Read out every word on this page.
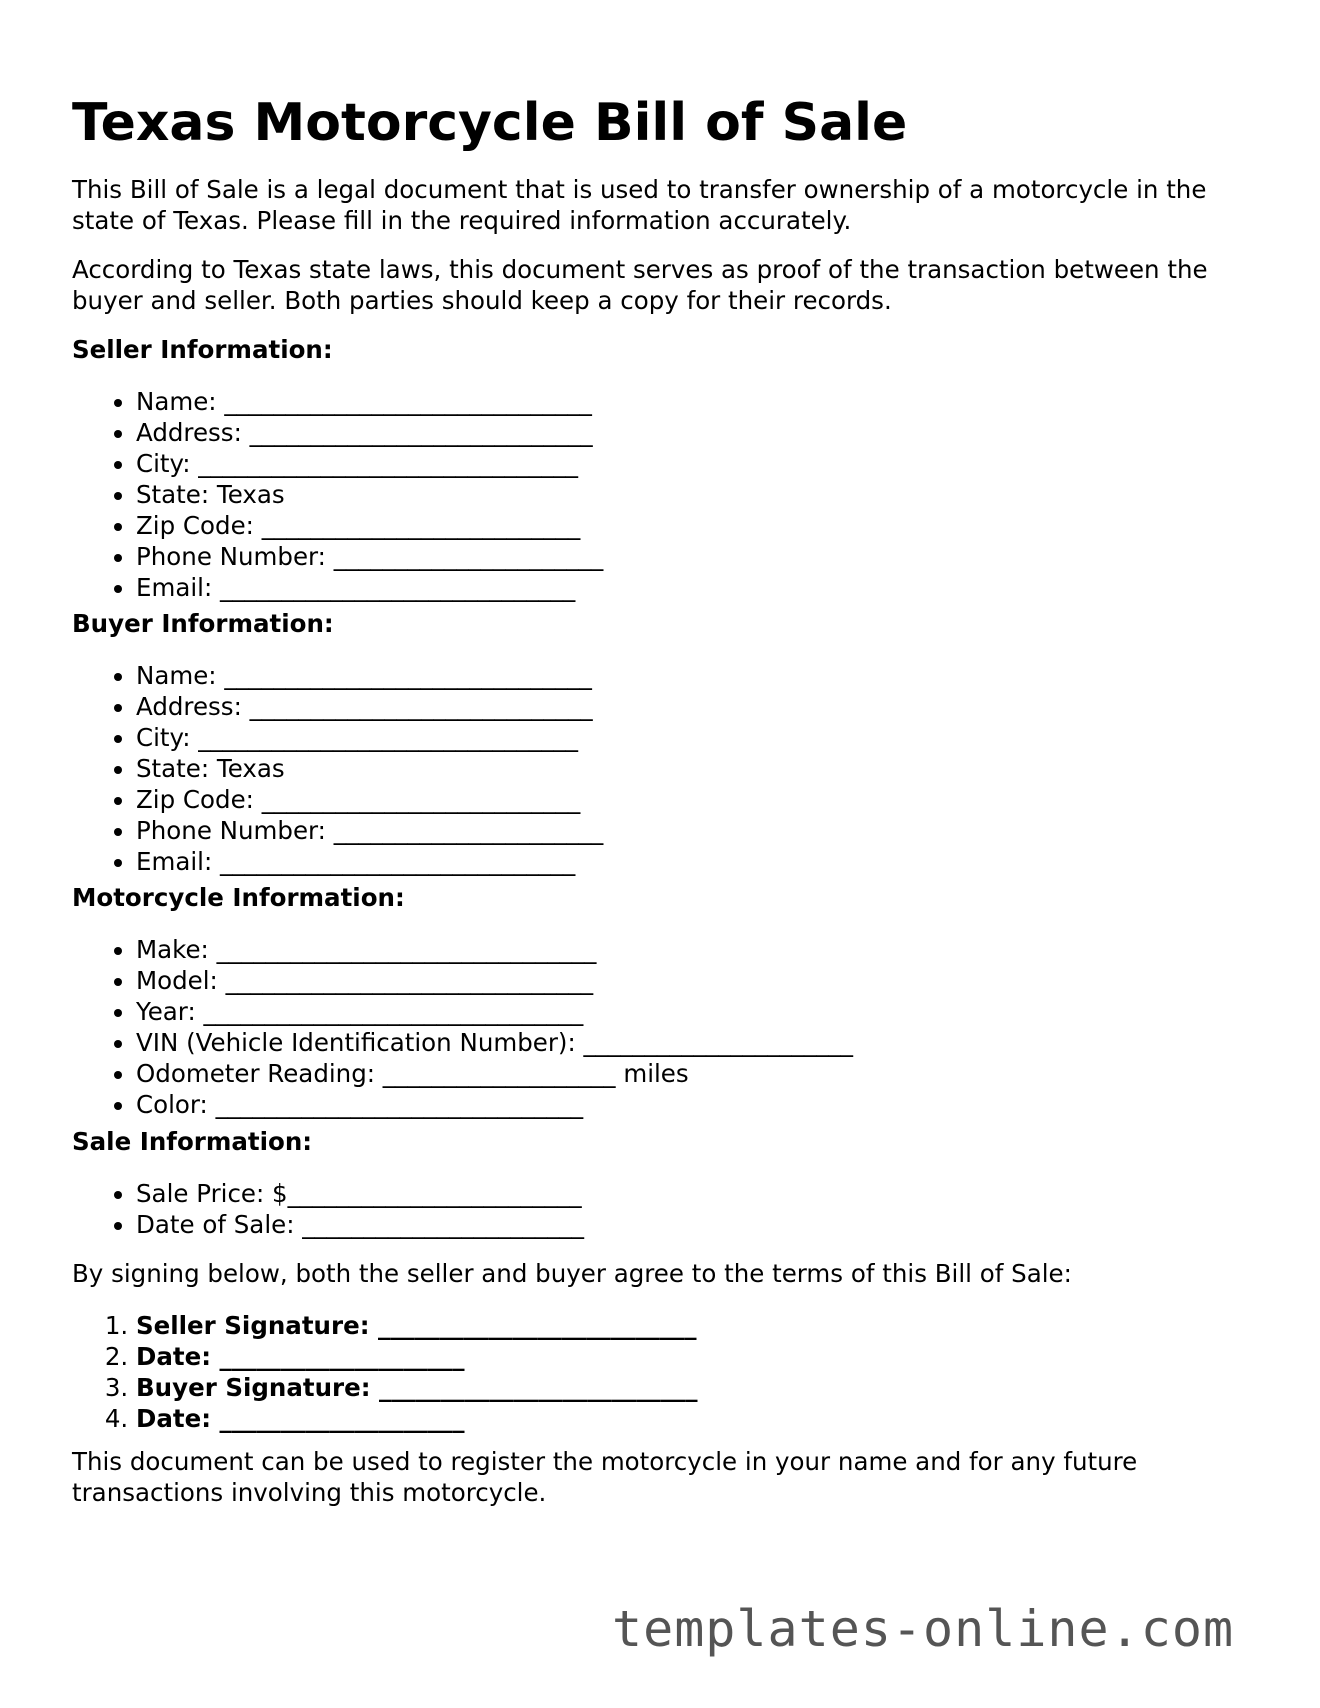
Texas Motorcycle Bill of Sale

This Bill of Sale is a legal document that is used to transfer ownership of a motorcycle in the state of Texas. Please fill in the required information accurately.

According to Texas state laws, this document serves as proof of the transaction between the buyer and seller. Both parties should keep a copy for their records.

Seller Information:
• Name: ______________________________
• Address: ____________________________
• City: _______________________________
• State: Texas
• Zip Code: __________________________
• Phone Number: ______________________
• Email: _____________________________
Buyer Information:
• Name: ______________________________
• Address: ____________________________
• City: _______________________________
• State: Texas
• Zip Code: __________________________
• Phone Number: ______________________
• Email: _____________________________
Motorcycle Information:
• Make: _______________________________
• Model: ______________________________
• Year: _______________________________
• VIN (Vehicle Identification Number): ______________________
• Odometer Reading: ___________________ miles
• Color: ______________________________
Sale Information:
• Sale Price: $________________________
• Date of Sale: _______________________

By signing below, both the seller and buyer agree to the terms of this Bill of Sale:

1. Seller Signature: __________________________
2. Date: ____________________
3. Buyer Signature: __________________________
4. Date: ____________________

This document can be used to register the motorcycle in your name and for any future transactions involving this motorcycle.

templates-online.com
